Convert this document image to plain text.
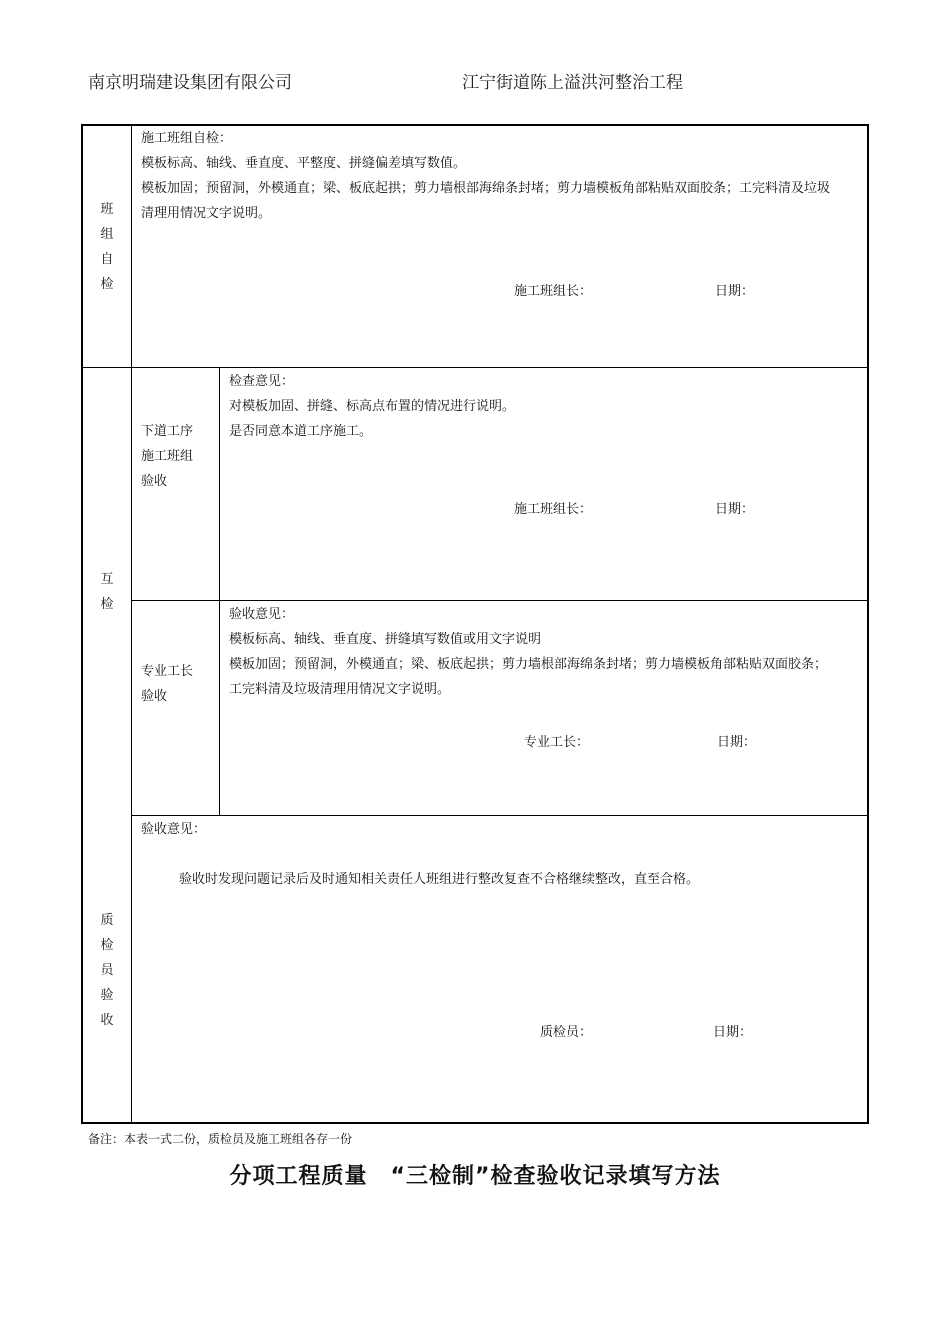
南京明瑞建设集团有限公司	江宁街道陈上溢洪河整治工程
班组自检
施工班组自检：
模板标高、轴线、垂直度、平整度、拼缝偏差填写数值。
模板加固；预留洞，外模通直；梁、板底起拱；剪力墙根部海绵条封堵；剪力墙模板角部粘贴双面胶条；工完料清及垃圾
清理用情况文字说明。
施工班组长：	日期：
互检
下道工序
施工班组
验收
检查意见：
对模板加固、拼缝、标高点布置的情况进行说明。
是否同意本道工序施工。
施工班组长：	日期：
专业工长
验收
验收意见：
模板标高、轴线、垂直度、拼缝填写数值或用文字说明
模板加固；预留洞，外模通直；梁、板底起拱；剪力墙根部海绵条封堵；剪力墙模板角部粘贴双面胶条；
工完料清及垃圾清理用情况文字说明。
专业工长：	日期：
质检员验收
验收意见：
验收时发现问题记录后及时通知相关责任人班组进行整改复查不合格继续整改，直至合格。
质检员：	日期：
备注：本表一式二份，质检员及施工班组各存一份
分项工程质量　“三检制”检查验收记录填写方法
